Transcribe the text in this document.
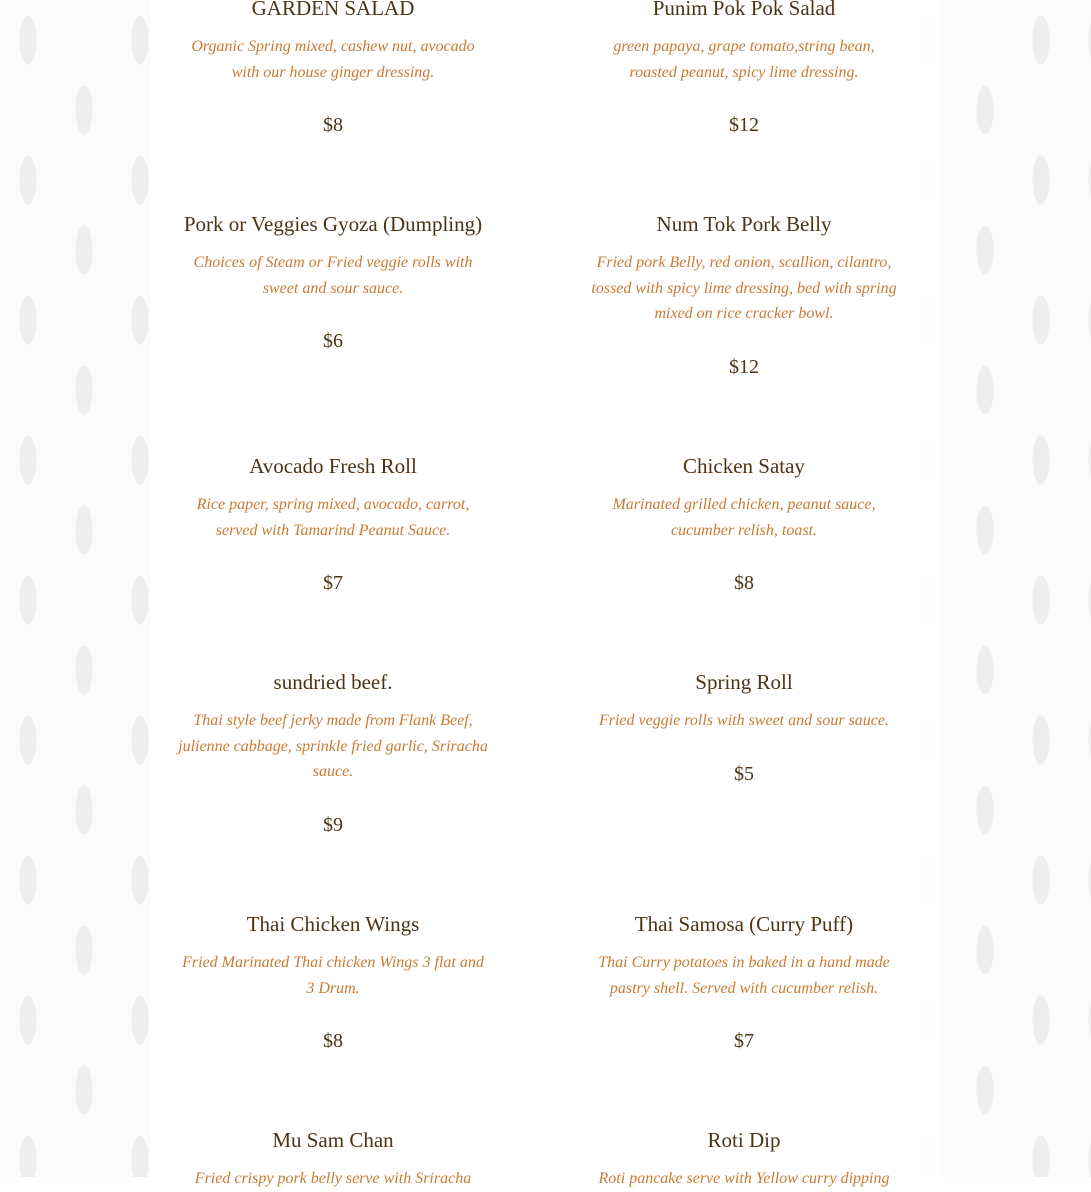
GARDEN SALAD
Organic Spring mixed, cashew nut, avocado with our house ginger dressing.
$8
Punim Pok Pok Salad
green papaya, grape tomato,string bean, roasted peanut, spicy lime dressing.
$12
Pork or Veggies Gyoza (Dumpling)
Choices of Steam or Fried veggie rolls with sweet and sour sauce.
$6
Num Tok Pork Belly
Fried pork Belly, red onion, scallion, cilantro, tossed with spicy lime dressing, bed with spring mixed on rice cracker bowl.
$12
Avocado Fresh Roll
Rice paper, spring mixed, avocado, carrot, served with Tamarind Peanut Sauce.
$7
Chicken Satay
Marinated grilled chicken, peanut sauce, cucumber relish, toast.
$8
sundried beef.
Thai style beef jerky made from Flank Beef, julienne cabbage, sprinkle fried garlic, Sriracha sauce.
$9
Spring Roll
Fried veggie rolls with sweet and sour sauce.
$5
Thai Chicken Wings
Fried Marinated Thai chicken Wings 3 flat and 3 Drum.
$8
Thai Samosa (Curry Puff)
Thai Curry potatoes in baked in a hand made pastry shell. Served with cucumber relish.
$7
Mu Sam Chan
Fried crispy pork belly serve with Sriracha
Roti Dip
Roti pancake serve with Yellow curry dipping
